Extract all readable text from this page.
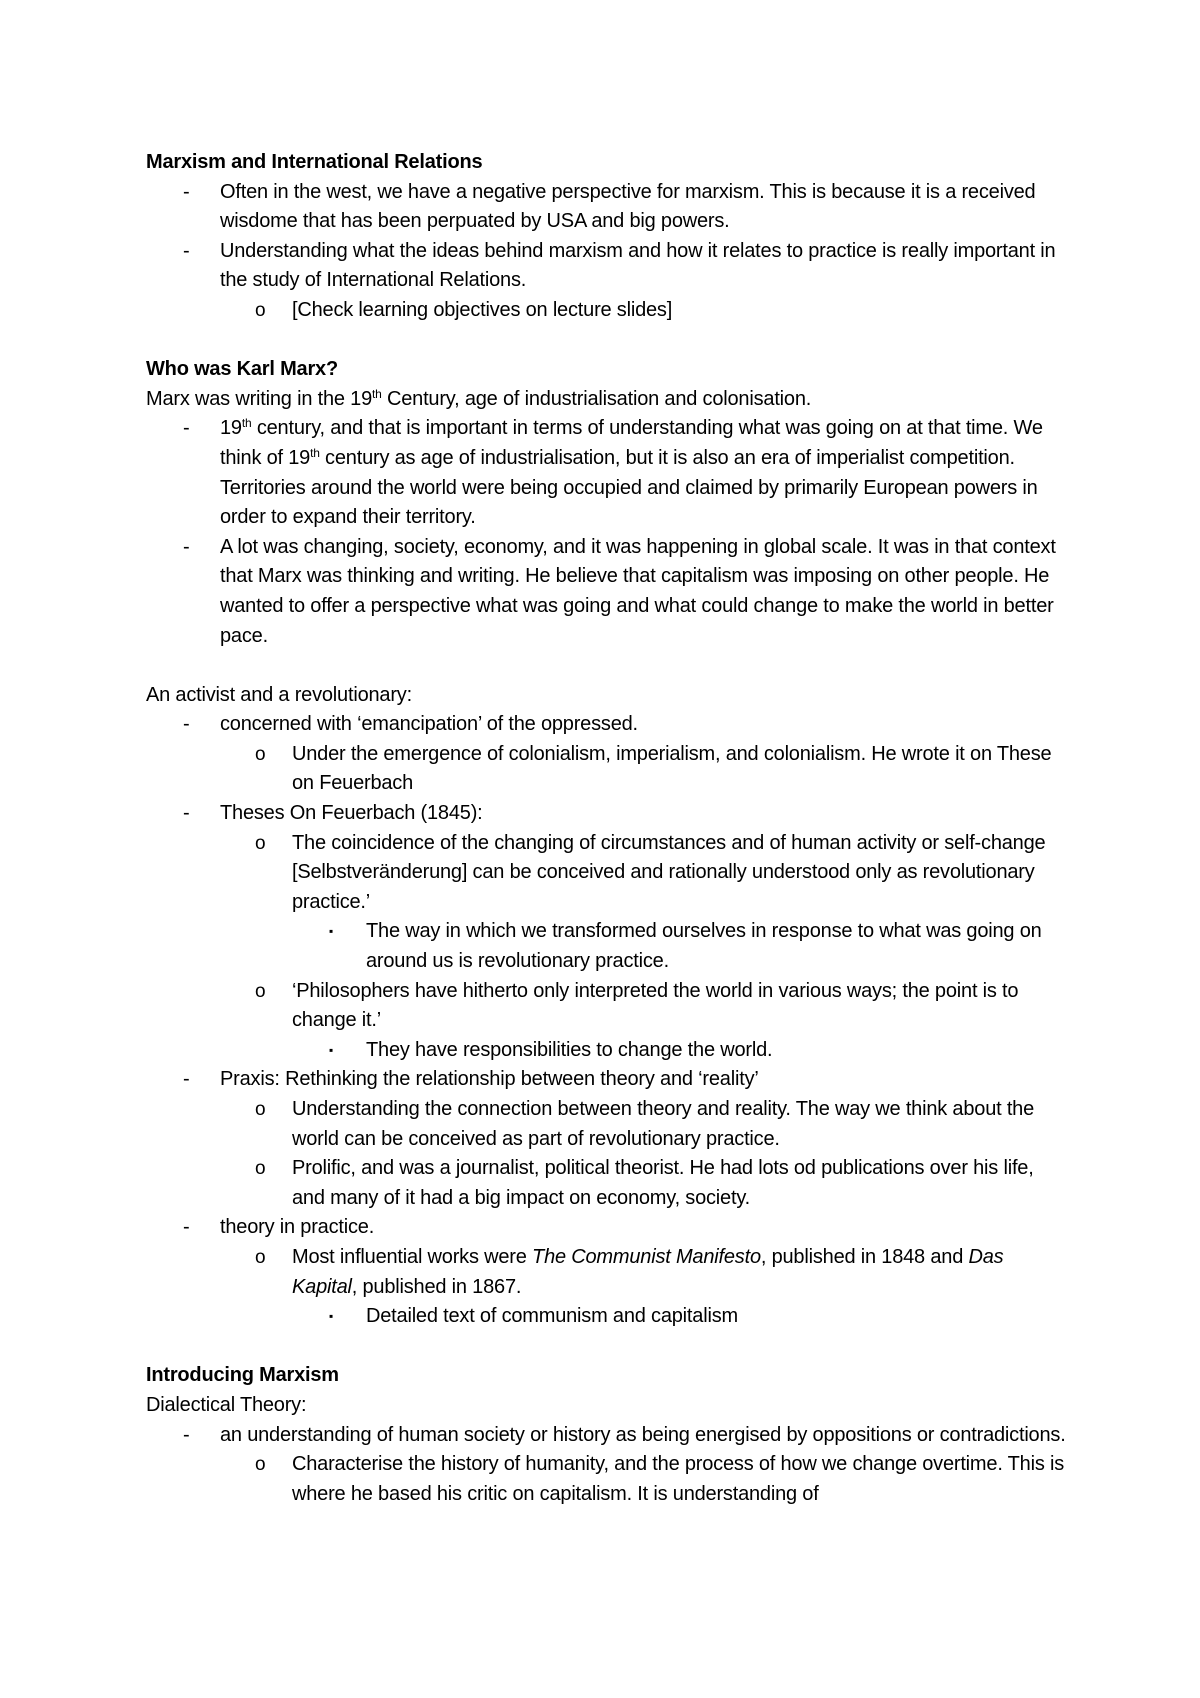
Marxism and International Relations
- Often in the west, we have a negative perspective for marxism. This is because it is a received wisdome that has been perpuated by USA and big powers.
- Understanding what the ideas behind marxism and how it relates to practice is really important in the study of International Relations.
o [Check learning objectives on lecture slides]
Who was Karl Marx?
Marx was writing in the 19th Century, age of industrialisation and colonisation.
- 19th century, and that is important in terms of understanding what was going on at that time. We think of 19th century as age of industrialisation, but it is also an era of imperialist competition. Territories around the world were being occupied and claimed by primarily European powers in order to expand their territory.
- A lot was changing, society, economy, and it was happening in global scale. It was in that context that Marx was thinking and writing. He believe that capitalism was imposing on other people. He wanted to offer a perspective what was going and what could change to make the world in better pace.
An activist and a revolutionary:
- concerned with ‘emancipation’ of the oppressed.
o Under the emergence of colonialism, imperialism, and colonialism. He wrote it on These on Feuerbach
- Theses On Feuerbach (1845):
o The coincidence of the changing of circumstances and of human activity or self-change [Selbstveränderung] can be conceived and rationally understood only as revolutionary practice.’
▪ The way in which we transformed ourselves in response to what was going on around us is revolutionary practice.
o ‘Philosophers have hitherto only interpreted the world in various ways; the point is to change it.’
▪ They have responsibilities to change the world.
- Praxis: Rethinking the relationship between theory and ‘reality’
o Understanding the connection between theory and reality. The way we think about the world can be conceived as part of revolutionary practice.
o Prolific, and was a journalist, political theorist. He had lots od publications over his life, and many of it had a big impact on economy, society.
- theory in practice.
o Most influential works were The Communist Manifesto, published in 1848 and Das Kapital, published in 1867.
▪ Detailed text of communism and capitalism
Introducing Marxism
Dialectical Theory:
- an understanding of human society or history as being energised by oppositions or contradictions.
o Characterise the history of humanity, and the process of how we change overtime. This is where he based his critic on capitalism. It is understanding of
